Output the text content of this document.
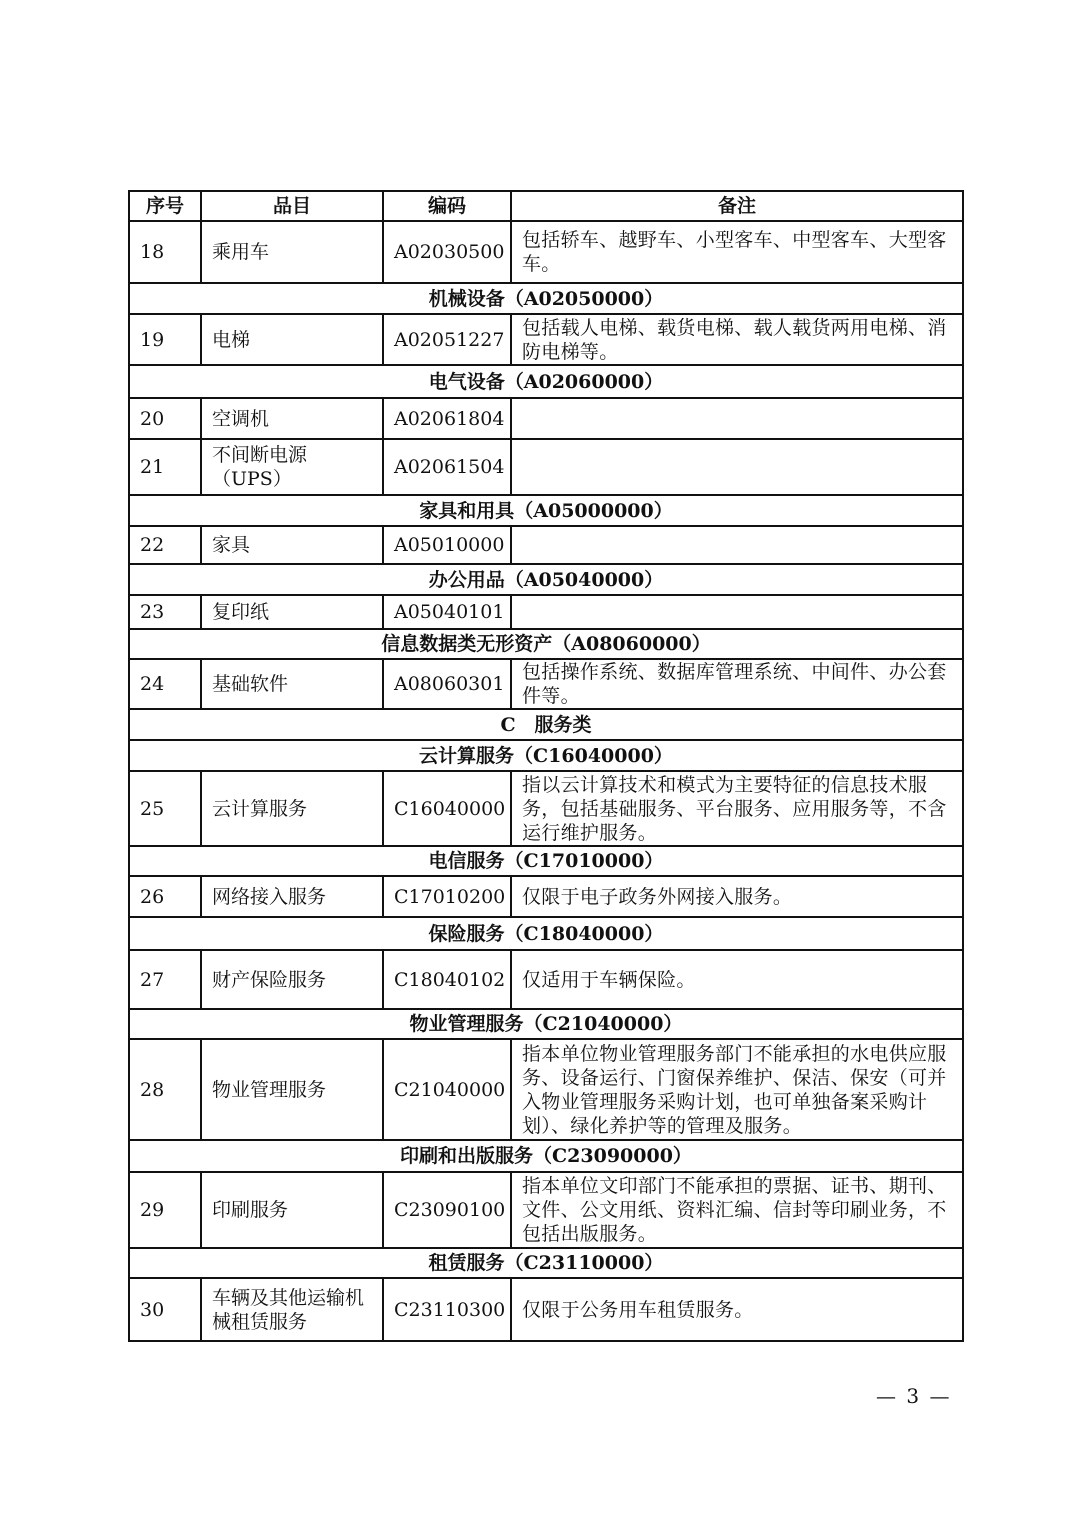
序号	品目	编码	备注
18	乘用车	A02030500	包括轿车、越野车、小型客车、中型客车、大型客车。
机械设备（A02050000）			
19	电梯	A02051227	包括载人电梯、载货电梯、载人载货两用电梯、消防电梯等。
电气设备（A02060000）			
20	空调机	A02061804	
21	不间断电源（UPS）	A02061504	
家具和用具（A05000000）			
22	家具	A05010000	
办公用品（A05040000）			
23	复印纸	A05040101	
信息数据类无形资产（A08060000）			
24	基础软件	A08060301	包括操作系统、数据库管理系统、中间件、办公套件等。
C　服务类			
云计算服务（C16040000）			
25	云计算服务	C16040000	指以云计算技术和模式为主要特征的信息技术服务，包括基础服务、平台服务、应用服务等，不含运行维护服务。
电信服务（C17010000）			
26	网络接入服务	C17010200	仅限于电子政务外网接入服务。
保险服务（C18040000）			
27	财产保险服务	C18040102	仅适用于车辆保险。
物业管理服务（C21040000）			
28	物业管理服务	C21040000	指本单位物业管理服务部门不能承担的水电供应服务、设备运行、门窗保养维护、保洁、保安（可并入物业管理服务采购计划，也可单独备案采购计划）、绿化养护等的管理及服务。
印刷和出版服务（C23090000）			
29	印刷服务	C23090100	指本单位文印部门不能承担的票据、证书、期刊、文件、公文用纸、资料汇编、信封等印刷业务，不包括出版服务。
租赁服务（C23110000）			
30	车辆及其他运输机械租赁服务	C23110300	仅限于公务用车租赁服务。
— 3 —
